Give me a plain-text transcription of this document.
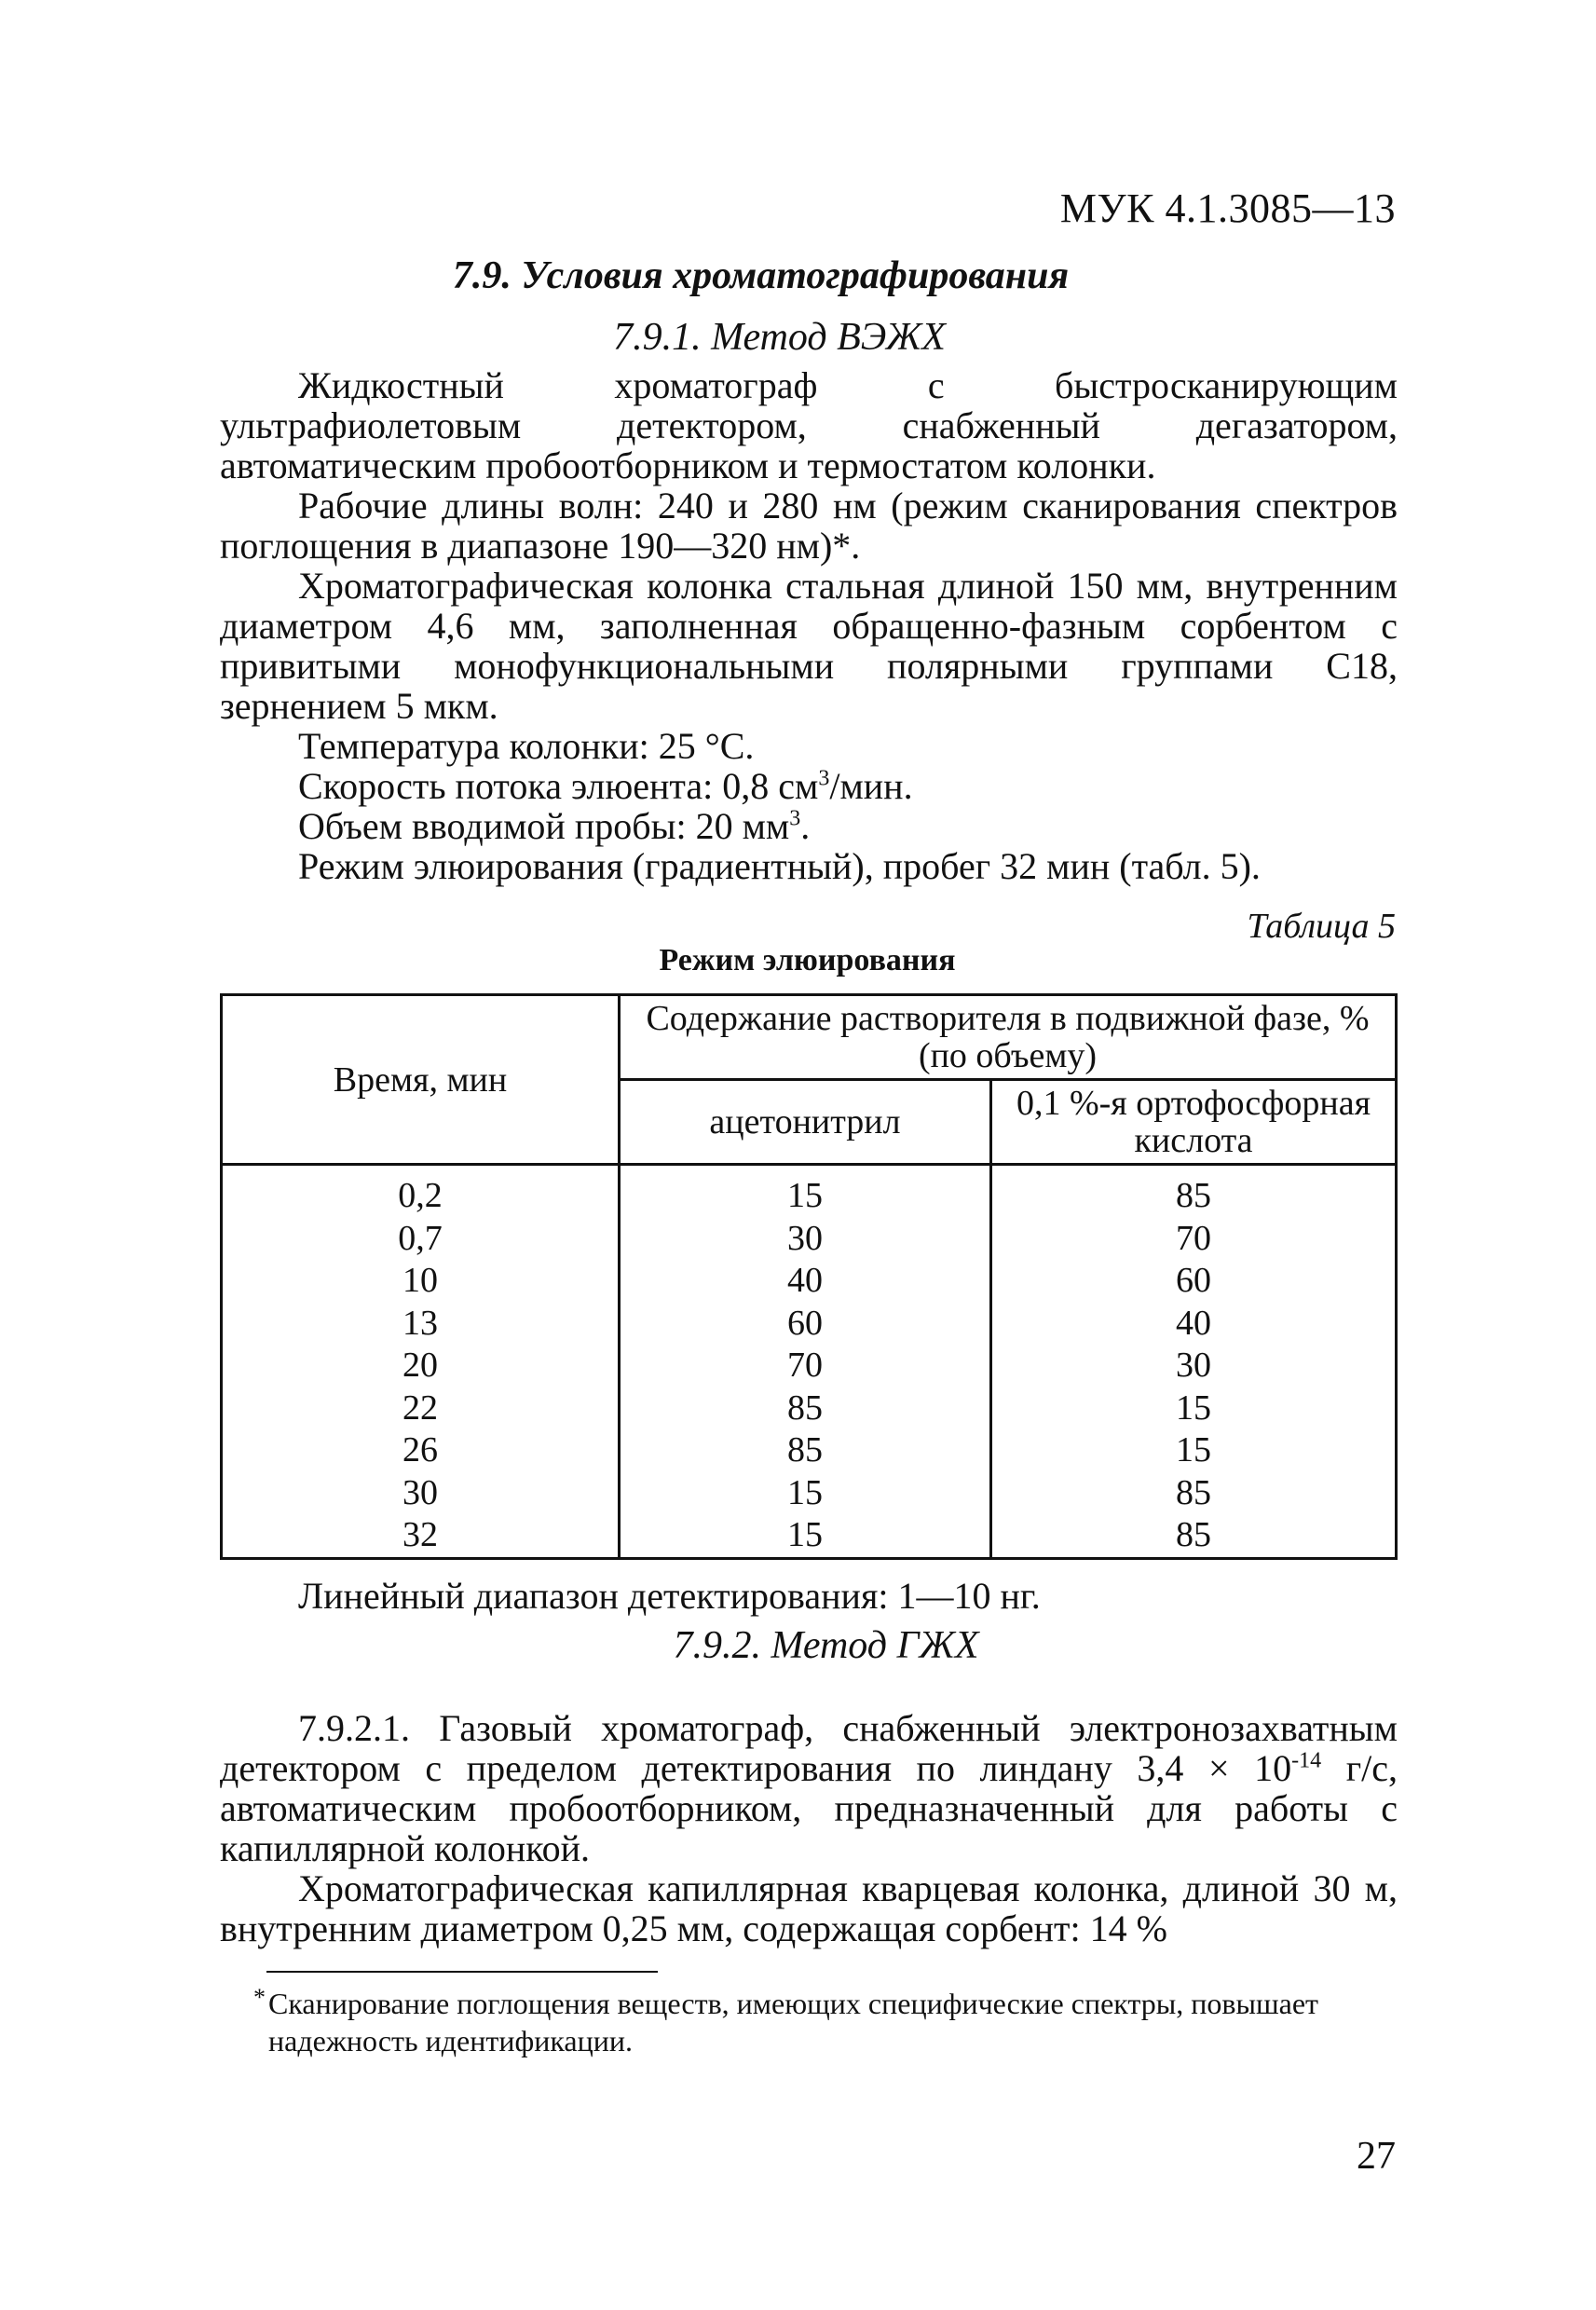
МУК 4.1.3085—13
7.9. Условия хроматографирования
7.9.1. Метод ВЭЖХ
Жидкостный хроматограф с быстросканирующим ультрафиолетовым детектором, снабженный дегазатором, автоматическим пробоотборником и термостатом колонки.
Рабочие длины волн: 240 и 280 нм (режим сканирования спектров поглощения в диапазоне 190—320 нм)*.
Хроматографическая колонка стальная длиной 150 мм, внутренним диаметром 4,6 мм, заполненная обращенно-фазным сорбентом с привитыми монофункциональными полярными группами С18, зернением 5 мкм.
Температура колонки: 25 °С.
Скорость потока элюента: 0,8 $см^3$/мин.
Объем вводимой пробы: 20 $мм^3$.
Режим элюирования (градиентный), пробег 32 мин (табл. 5).
Таблица 5
Режим элюирования
Время, мин	Содержание растворителя в подвижной фазе, % (по объему)	
	ацетонитрил	0,1 %-я ортофосфорная кислота
0,2	15	85
0,7	30	70
10	40	60
13	60	40
20	70	30
22	85	15
26	85	15
30	15	85
32	15	85
Линейный диапазон детектирования: 1—10 нг.
7.9.2. Метод ГЖХ
7.9.2.1. Газовый хроматограф, снабженный электронозахватным детектором с пределом детектирования по линдану $3,4 \times 10^{-14}$ г/с, автоматическим пробоотборником, предназначенный для работы с капиллярной колонкой.
Хроматографическая капиллярная кварцевая колонка, длиной 30 м, внутренним диаметром 0,25 мм, содержащая сорбент: 14 %
* Сканирование поглощения веществ, имеющих специфические спектры, повышает надежность идентификации.
27
